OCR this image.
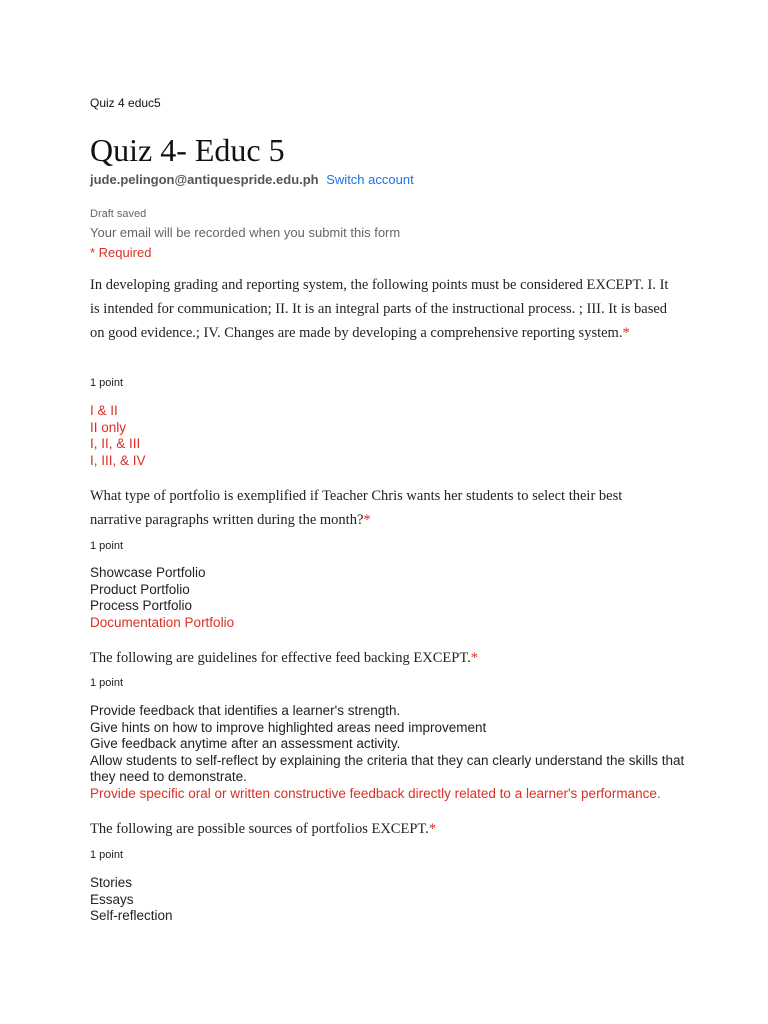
Quiz 4 educ5
Quiz 4- Educ 5
jude.pelingon@antiquespride.edu.ph Switch account
Draft saved
Your email will be recorded when you submit this form
* Required
In developing grading and reporting system, the following points must be considered EXCEPT. I. It is intended for communication; II. It is an integral parts of the instructional process. ; III. It is based on good evidence.; IV. Changes are made by developing a comprehensive reporting system.*
1 point
I & II
II only
I, II, & III
I, III, & IV
What type of portfolio is exemplified if Teacher Chris wants her students to select their best narrative paragraphs written during the month?*
1 point
Showcase Portfolio
Product Portfolio
Process Portfolio
Documentation Portfolio
The following are guidelines for effective feed backing EXCEPT.*
1 point
Provide feedback that identifies a learner's strength.
Give hints on how to improve highlighted areas need improvement
Give feedback anytime after an assessment activity.
Allow students to self-reflect by explaining the criteria that they can clearly understand the skills that they need to demonstrate.
Provide specific oral or written constructive feedback directly related to a learner's performance.
The following are possible sources of portfolios EXCEPT.*
1 point
Stories
Essays
Self-reflection
